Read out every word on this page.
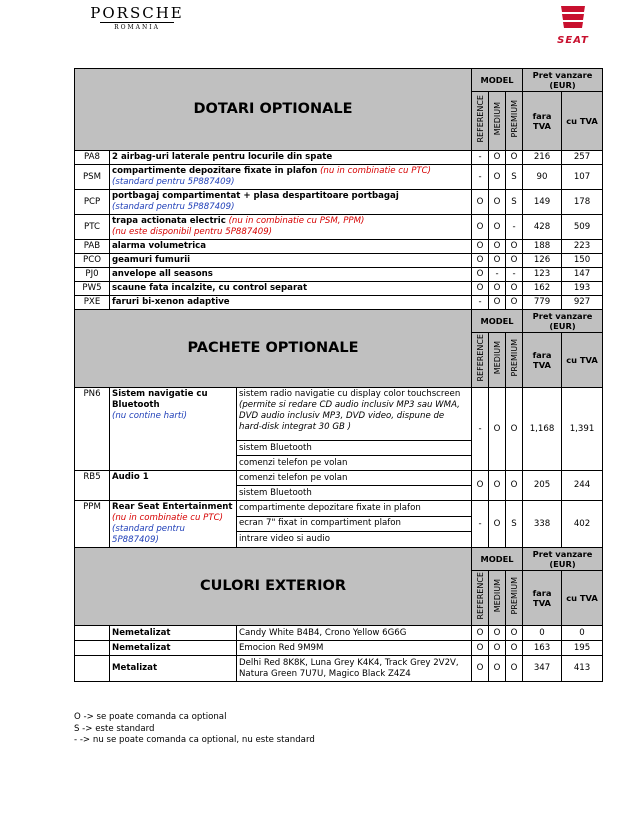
PORSCHE
ROMANIA
SEAT
DOTARI OPTIONALE			MODEL			Pret vanzare (EUR)	
			REFERENCE	MEDIUM	PREMIUM	fara TVA	cu TVA
PA8	2 airbag-uri laterale pentru locurile din spate		-	O	O	216	257
PSM	compartimente depozitare fixate in plafon (nu in combinatie cu PTC)
(standard pentru 5P887409)		-	O	S	90	107
PCP	portbagaj compartimentat + plasa despartitoare portbagaj
(standard pentru 5P887409)		O	O	S	149	178
PTC	trapa actionata electric (nu in combinatie cu PSM, PPM)
(nu este disponibil pentru 5P887409)		O	O	-	428	509
PAB	alarma volumetrica		O	O	O	188	223
PCO	geamuri fumurii		O	O	O	126	150
PJ0	anvelope all seasons		O	-	-	123	147
PW5	scaune fata incalzite, cu control separat		O	O	O	162	193
PXE	faruri bi-xenon adaptive		-	O	O	779	927
PACHETE OPTIONALE			MODEL			Pret vanzare (EUR)	
			REFERENCE	MEDIUM	PREMIUM	fara TVA	cu TVA
PN6	Sistem navigatie cu Bluetooth
(nu contine harti)	sistem radio navigatie cu display color touchscreen
(permite si redare CD audio inclusiv MP3 sau WMA, DVD audio inclusiv MP3, DVD video, dispune de hard-disk integrat 30 GB )	-	O	O	1,168	1,391
		sistem Bluetooth					
		comenzi telefon pe volan					
RB5	Audio 1	comenzi telefon pe volan	O	O	O	205	244
		sistem Bluetooth					
PPM	Rear Seat Entertainment
(nu in combinatie cu PTC)
(standard pentru 5P887409)	compartimente depozitare fixate in plafon	-	O	S	338	402
		ecran 7" fixat in compartiment plafon					
		intrare video si audio					
CULORI EXTERIOR			MODEL			Pret vanzare (EUR)	
			REFERENCE	MEDIUM	PREMIUM	fara TVA	cu TVA
	Nemetalizat	Candy White B4B4, Crono Yellow 6G6G	O	O	O	0	0
	Nemetalizat	Emocion Red 9M9M	O	O	O	163	195
	Metalizat	Delhi Red 8K8K, Luna Grey K4K4, Track Grey 2V2V, Natura Green 7U7U, Magico Black Z4Z4	O	O	O	347	413
O -> se poate comanda ca optional
S -> este standard
- -> nu se poate comanda ca optional, nu este standard
